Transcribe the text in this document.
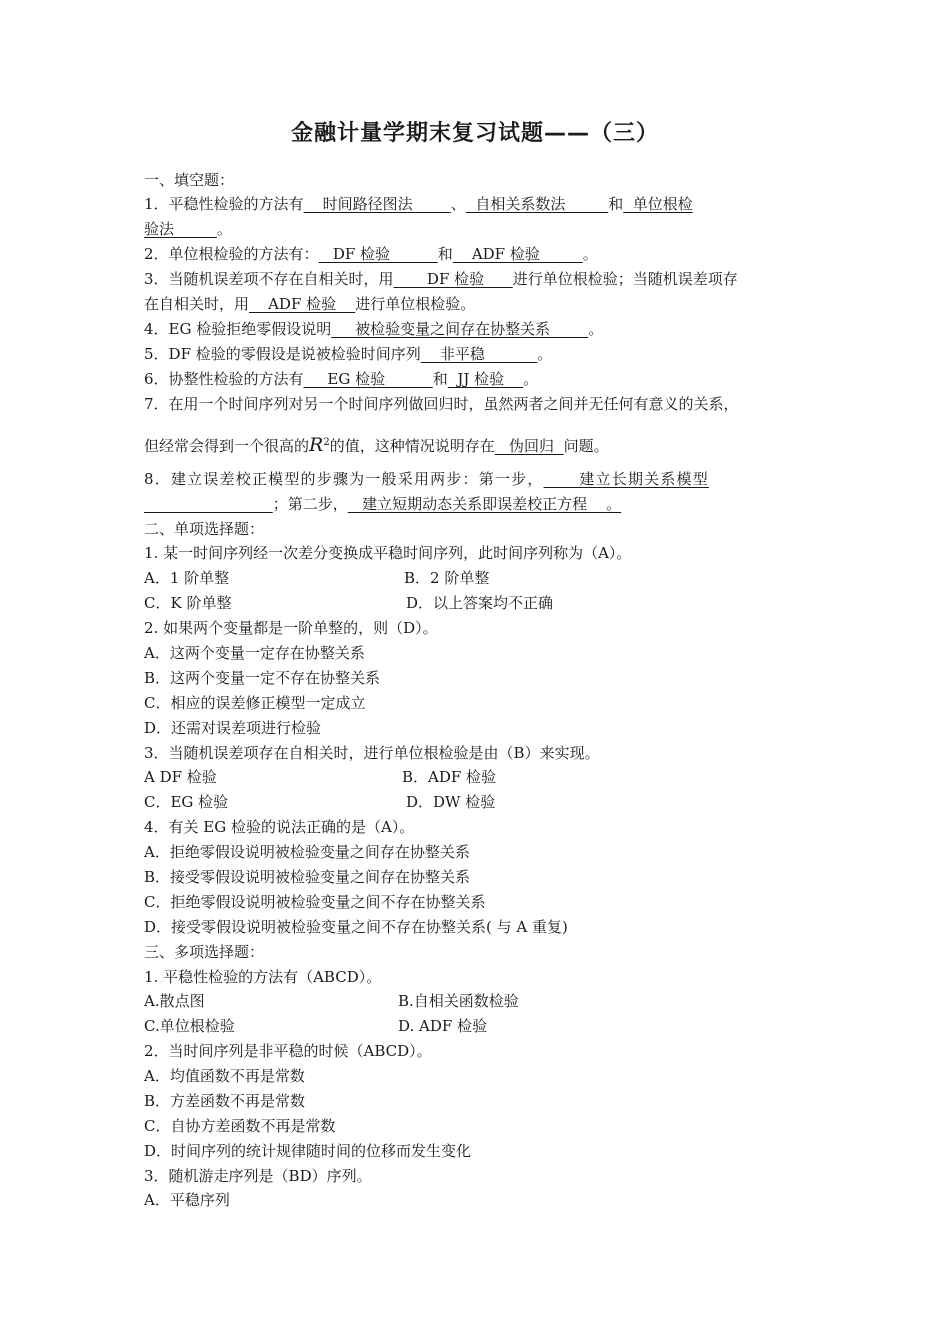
金融计量学期末复习试题——（三）
一、填空题：
1．平稳性检验的方法有    时间路径图法        、  自相关系数法         和  单位根检
验法         。
2．单位根检验的方法有：   DF 检验          和    ADF 检验         。
3．当随机误差项不存在自相关时，用       DF 检验      进行单位根检验；当随机误差项存
在自相关时，用    ADF 检验    进行单位根检验。
4．EG 检验拒绝零假设说明     被检验变量之间存在协整关系        。
5．DF 检验的零假设是说被检验时间序列    非平稳           。
6．协整性检验的方法有     EG 检验          和  JJ 检验    。
7．在用一个时间序列对另一个时间序列做回归时，虽然两者之间并无任何有意义的关系，
但经常会得到一个很高的$R^2$的值，这种情况说明存在   伪回归  问题。
8．建立误差校正模型的步骤为一般采用两步：第一步，      建立长期关系模型
；第二步，   建立短期动态关系即误差校正方程    。
二、单项选择题：
1. 某一时间序列经一次差分变换成平稳时间序列，此时间序列称为（A）。
A．1 阶单整	B．2 阶单整
C．K 阶单整	D．以上答案均不正确
2. 如果两个变量都是一阶单整的，则（D）。
A．这两个变量一定存在协整关系
B．这两个变量一定不存在协整关系
C．相应的误差修正模型一定成立
D．还需对误差项进行检验
3．当随机误差项存在自相关时，进行单位根检验是由（B）来实现。
A DF 检验	B．ADF 检验
C．EG 检验	D．DW 检验
4．有关 EG 检验的说法正确的是（A）。
A．拒绝零假设说明被检验变量之间存在协整关系
B．接受零假设说明被检验变量之间存在协整关系
C．拒绝零假设说明被检验变量之间不存在协整关系
D．接受零假设说明被检验变量之间不存在协整关系( 与 A 重复)
三、多项选择题：
1. 平稳性检验的方法有（ABCD）。
A.散点图	B.自相关函数检验
C.单位根检验	D. ADF 检验
2．当时间序列是非平稳的时候（ABCD）。
A．均值函数不再是常数
B．方差函数不再是常数
C．自协方差函数不再是常数
D．时间序列的统计规律随时间的位移而发生变化
3．随机游走序列是（BD）序列。
A．平稳序列
